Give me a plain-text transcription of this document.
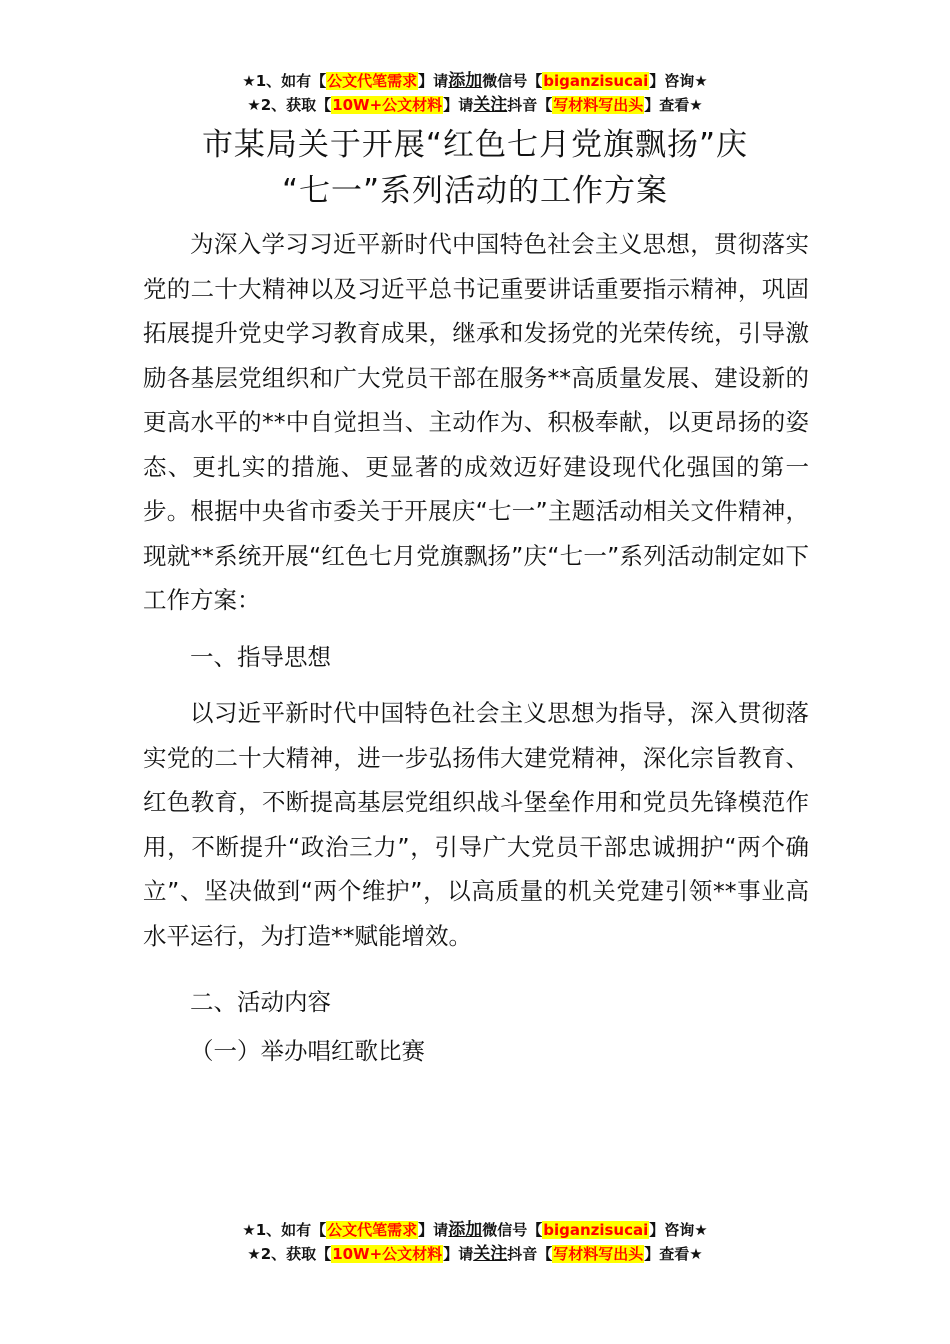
★1、如有【公文代笔需求】请添加微信号【biganzisucai】咨询★
★2、获取【10W+公文材料】请关注抖音【写材料写出头】查看★
市某局关于开展“红色七月党旗飘扬”庆
“七一”系列活动的工作方案

为深入学习习近平新时代中国特色社会主义思想，贯彻落实党的二十大精神以及习近平总书记重要讲话重要指示精神，巩固拓展提升党史学习教育成果，继承和发扬党的光荣传统，引导激励各基层党组织和广大党员干部在服务**高质量发展、建设新的更高水平的**中自觉担当、主动作为、积极奉献，以更昂扬的姿态、更扎实的措施、更显著的成效迈好建设现代化强国的第一步。根据中央省市委关于开展庆“七一”主题活动相关文件精神，现就**系统开展“红色七月党旗飘扬”庆“七一”系列活动制定如下工作方案：

一、指导思想

以习近平新时代中国特色社会主义思想为指导，深入贯彻落实党的二十大精神，进一步弘扬伟大建党精神，深化宗旨教育、红色教育，不断提高基层党组织战斗堡垒作用和党员先锋模范作用，不断提升“政治三力”，引导广大党员干部忠诚拥护“两个确立”、坚决做到“两个维护”，以高质量的机关党建引领**事业高水平运行，为打造**赋能增效。

二、活动内容

（一）举办唱红歌比赛

★1、如有【公文代笔需求】请添加微信号【biganzisucai】咨询★
★2、获取【10W+公文材料】请关注抖音【写材料写出头】查看★
